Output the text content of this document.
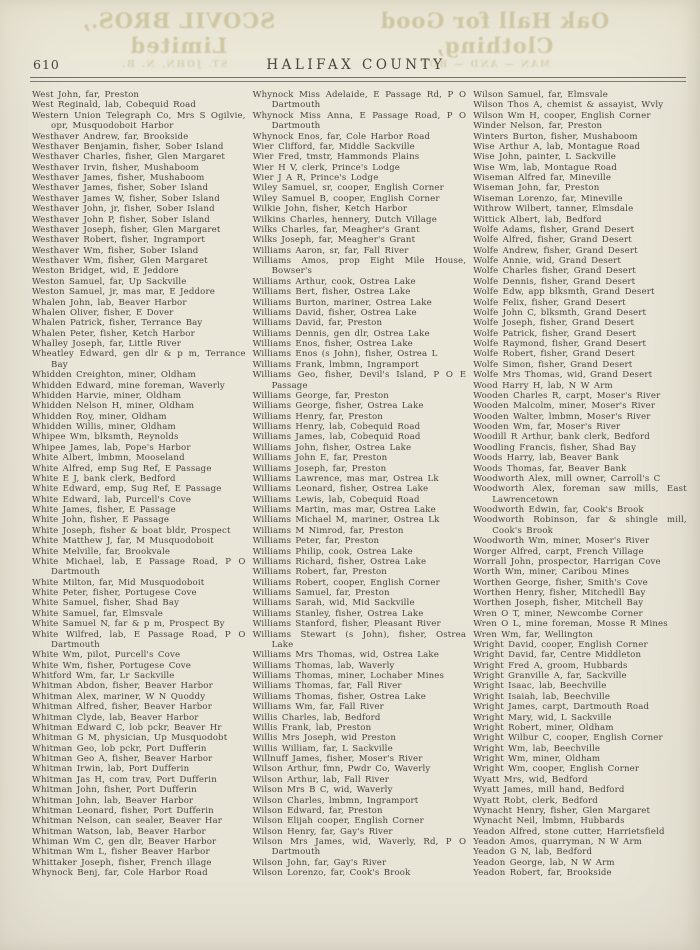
Oak Hall for Good Clothing,
SCOVIL BROS., Limited
MAN — AND — BOY
ST. JOHN, N. B.
610	HALIFAX COUNTY
West John, far, Preston
West Reginald, lab, Cobequid Road
Western Union Telegraph Co, Mrs S Ogilvie, opr, Musquodoboit Harbor
Westhaver Andrew, far, Brookside
Westhaver Benjamin, fisher, Sober Island
Westhaver Charles, fisher, Glen Margaret
Westhaver Irvin, fisher, Mushaboom
Westhaver James, fisher, Mushaboom
Westhaver James, fisher, Sober Island
Westhaver James W, fisher, Sober Island
Westhaver John, jr, fisher, Sober Island
Westhaver John P, fisher, Sober Island
Westhaver Joseph, fisher, Glen Margaret
Westhaver Robert, fisher, Ingramport
Westhaver Wm, fisher, Sober Island
Westhaver Wm, fisher, Glen Margaret
Weston Bridget, wid, E Jeddore
Weston Samuel, far, Up Sackville
Weston Samuel, jr, mas mar, E Jeddore
Whalen John, lab, Beaver Harbor
Whalen Oliver, fisher, E Dover
Whalen Patrick, fisher, Terrance Bay
Whalen Peter, fisher, Ketch Harbor
Whalley Joseph, far, Little River
Wheatley Edward, gen dlr & p m, Terrance Bay
Whidden Creighton, miner, Oldham
Whidden Edward, mine foreman, Waverly
Whidden Harvie, miner, Oldham
Whidden Nelson H, miner, Oldham
Whidden Roy, miner, Oldham
Whidden Willis, miner, Oldham
Whipee Wm, blksmth, Reynolds
Whipee James, lab, Pope's Harbor
White Albert, lmbmn, Mooseland
White Alfred, emp Sug Ref, E Passage
White E J, bank clerk, Bedford
White Edward, emp, Sug Ref, E Passage
White Edward, lab, Purcell's Cove
White James, fisher, E Passage
White John, fisher, E Passage
White Joseph, fisher & boat bldr, Prospect
White Matthew J, far, M Musquodoboit
White Melville, far, Brookvale
White Michael, lab, E Passage Road, P O Dartmouth
White Milton, far, Mid Musquodoboit
White Peter, fisher, Portugese Cove
White Samuel, fisher, Shad Bay
White Samuel, far, Elmsvale
White Samuel N, far & p m, Prospect By
White Wilfred, lab, E Passage Road, P O Dartmouth
White Wm, pilot, Purcell's Cove
White Wm, fisher, Portugese Cove
Whitford Wm, far, Lr Sackville
Whitman Abdon, fisher, Beaver Harbor
Whitman Alex, mariner, W N Quoddy
Whitman Alfred, fisher, Beaver Harbor
Whitman Clyde, lab, Beaver Harbor
Whitman Edward C, lob pckr, Beaver Hr
Whitman G M, physician, Up Musquodobt
Whitman Geo, lob pckr, Port Dufferin
Whitman Geo A, fisher, Beaver Harbor
Whitman Irwin, lab, Port Dufferin
Whitman Jas H, com trav, Port Dufferin
Whitman John, fisher, Port Dufferin
Whitman John, lab, Beaver Harbor
Whitman Leonard, fisher, Port Dufferin
Whitman Nelson, can sealer, Beaver Har
Whitman Watson, lab, Beaver Harbor
Whiman Wm C, gen dlr, Beaver Harbor
Whitman Wm L, fisher Beaver Harbor
Whittaker Joseph, fisher, French illage
Whynock Benj, far, Cole Harbor Road
Whynock Miss Adelaide, E Passage Rd, P O Dartmouth
Whynock Miss Anna, E Passage Road, P O Dartmouth
Whynock Enos, far, Cole Harbor Road
Wier Clifford, far, Middle Sackville
Wier Fred, tmstr, Hammonds Plains
Wier H V, clerk, Prince's Lodge
Wier J A R, Prince's Lodge
Wiley Samuel, sr, cooper, English Corner
Wiley Samuel B, cooper, English Corner
Wilkie John, fisher, Ketch Harbor
Wilkins Charles, hennery, Dutch Village
Wilks Charles, far, Meagher's Grant
Wilks Joseph, far, Meagher's Grant
Williams Aaron, sr, far, Fall River
Williams Amos, prop Eight Mile House, Bowser's
Williams Arthur, cook, Ostrea Lake
Williams Bert, fisher, Ostrea Lake
Williams Burton, mariner, Ostrea Lake
Williams David, fisher, Ostrea Lake
Williams David, far, Preston
Williams Dennis, gen dlr, Ostrea Lake
Williams Enos, fisher, Ostrea Lake
Williams Enos (s John), fisher, Ostrea L
Williams Frank, lmbmn, Ingramport
Williams Geo, fisher, Devil's Island, P O E Passage
Williams George, far, Preston
Williams George, fisher, Ostrea Lake
Williams Henry, far, Preston
Williams Henry, lab, Cobequid Road
Williams James, lab, Cobequid Road
Williams John, fisher, Ostrea Lake
Williams John E, far, Preston
Williams Joseph, far, Preston
Williams Lawrence, mas mar, Ostrea Lk
Williams Leonard, fisher, Ostrea Lake
Williams Lewis, lab, Cobequid Road
Williams Martin, mas mar, Ostrea Lake
Williams Michael M, mariner, Ostrea Lk
Williams M Nimrod, far, Preston
Williams Peter, far, Preston
Williams Philip, cook, Ostrea Lake
Williams Richard, fisher, Ostrea Lake
Williams Robert, far, Preston
Williams Robert, cooper, English Corner
Williams Samuel, far, Preston
Williams Sarah, wid, Mid Sackville
Williams Stanley, fisher, Ostrea Lake
Williams Stanford, fisher, Pleasant River
Williams Stewart (s John), fisher, Ostrea Lake
Williams Mrs Thomas, wid, Ostrea Lake
Williams Thomas, lab, Waverly
Williams Thomas, miner, Lochaber Mines
Williams Thomas, far, Fall River
Williams Thomas, fisher, Ostrea Lake
Williams Wm, far, Fall River
Willis Charles, lab, Bedford
Willis Frank, lab, Preston
Willis Mrs Joseph, wid Preston
Willis William, far, L Sackville
Willnuff James, fisher, Moser's River
Wilson Arthur, fmn, Pwdr Co, Waverly
Wilson Arthur, lab, Fall River
Wilson Mrs B C, wid, Waverly
Wilson Charles, lmbmn, Ingramport
Wilson Edward, far, Preston
Wilson Elijah cooper, English Corner
Wilson Henry, far, Gay's River
Wilson Mrs James, wid, Waverly, Rd, P O Dartmouth
Wilson John, far, Gay's River
Wilson Lorenzo, far, Cook's Brook
Wilson Samuel, far, Elmsvale
Wilson Thos A, chemist & assayist, Wvly
Wilson Wm H, cooper, English Corner
Winder Nelson, far, Preston
Winters Burton, fisher, Mushaboom
Wise Arthur A, lab, Montague Road
Wise John, painter, L Sackville
Wise Wm, lab, Montague Road
Wiseman Alfred far, Mineville
Wiseman John, far, Preston
Wiseman Lorenzo, far, Mineville
Withrow Wilbert, tanner, Elmsdale
Wittick Albert, lab, Bedford
Wolfe Adams, fisher, Grand Desert
Wolfe Alfred, fisher, Grand Desert
Wolfe Andrew, fisher, Grand Desert
Wolfe Annie, wid, Grand Desert
Wolfe Charles fisher, Grand Desert
Wolfe Dennis, fisher, Grand Desert
Wolfe Edw, app blksmth, Grand Desert
Wolfe Felix, fisher, Grand Desert
Wolfe John C, blksmth, Grand Desert
Wolfe Joseph, fisher, Grand Desert
Wolfe Patrick, fisher, Grand Desert
Wolfe Raymond, fisher, Grand Desert
Wolfe Robert, fisher, Grand Desert
Wolfe Simon, fisher, Grand Desert
Wolfe Mrs Thomas, wid, Grand Desert
Wood Harry H, lab, N W Arm
Wooden Charles R, carpt, Moser's River
Wooden Malcolm, miner, Moser's River
Wooden Walter, lmbmn, Moser's River
Wooden Wm, far, Moser's River
Woodill R Arthur, bank clerk, Bedford
Woodling Francis, fisher, Shad Bay
Woods Harry, lab, Beaver Bank
Woods Thomas, far, Beaver Bank
Woodworth Alex, mill owner, Carroll's C
Woodworth Alex, foreman saw mills, East Lawrencetown
Woodworth Edwin, far, Cook's Brook
Woodworth Robinson, far & shingle mill, Cook's Brook
Woodworth Wm, miner, Moser's River
Worger Alfred, carpt, French Village
Worrall John, prospector, Harrigan Cove
Worth Wm, miner, Caribou Mines
Worthen George, fisher, Smith's Cove
Worthen Henry, fisher, Mitchedll Bay
Worthen Joseph, fisher, Mitchell Bay
Wren O T, miner, Newcombe Corner
Wren O L, mine foreman, Mosse R Mines
Wren Wm, far, Wellington
Wright David, cooper, English Corner
Wright David, far, Centre Middleton
Wright Fred A, groom, Hubbards
Wright Granville A, far, Sackville
Wright Isaac, lab, Beechville
Wright Isaiah, lab, Beechville
Wright James, carpt, Dartmouth Road
Wright Mary, wid, L Sackville
Wright Robert, miner, Oldham
Wright Wilbur C, cooper, English Corner
Wright Wm, lab, Beechville
Wright Wm, miner, Oldham
Wright Wm, cooper, English Corner
Wyatt Mrs, wid, Bedford
Wyatt James, mill hand, Bedford
Wyatt Robt, clerk, Bedford
Wynacht Henry, fisher, Glen Margaret
Wynacht Neil, lmbmn, Hubbards
Yeadon Alfred, stone cutter, Harrietsfield
Yeadon Amos, quarryman, N W Arm
Yeadon G N, lab, Bedford
Yeadon George, lab, N W Arm
Yeadon Robert, far, Brookside
